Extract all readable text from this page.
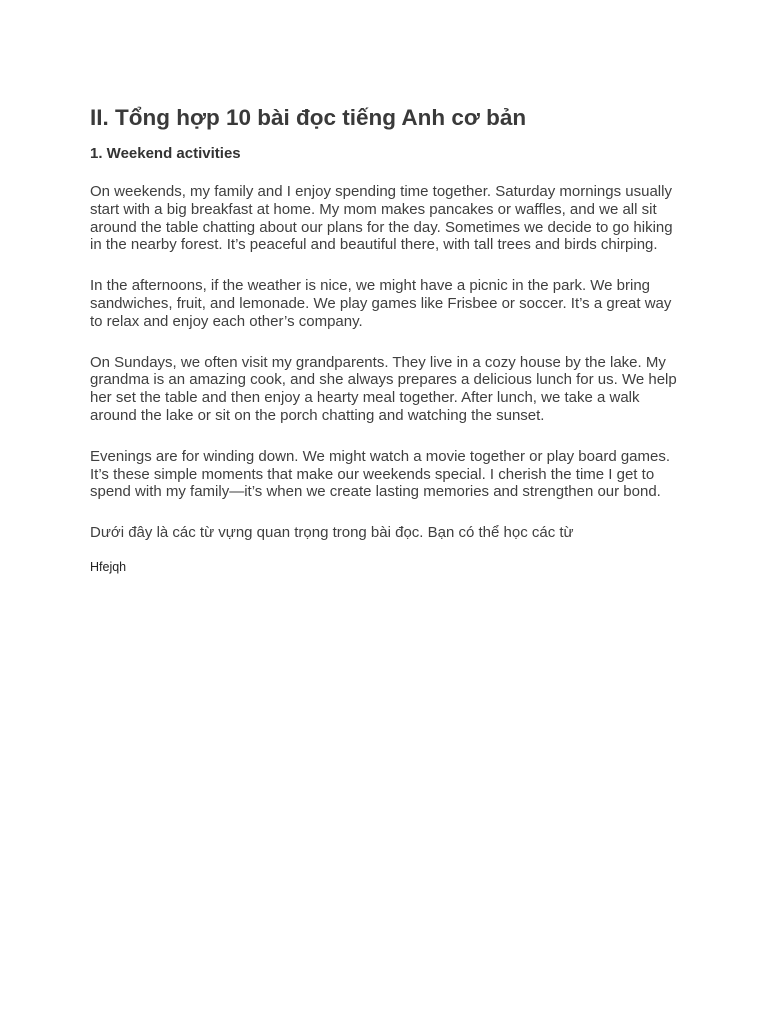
II. Tổng hợp 10 bài đọc tiếng Anh cơ bản
1. Weekend activities

On weekends, my family and I enjoy spending time together. Saturday mornings usually start with a big breakfast at home. My mom makes pancakes or waffles, and we all sit around the table chatting about our plans for the day. Sometimes we decide to go hiking in the nearby forest. It’s peaceful and beautiful there, with tall trees and birds chirping.

In the afternoons, if the weather is nice, we might have a picnic in the park. We bring sandwiches, fruit, and lemonade. We play games like Frisbee or soccer. It’s a great way to relax and enjoy each other’s company.

On Sundays, we often visit my grandparents. They live in a cozy house by the lake. My grandma is an amazing cook, and she always prepares a delicious lunch for us. We help her set the table and then enjoy a hearty meal together. After lunch, we take a walk around the lake or sit on the porch chatting and watching the sunset.

Evenings are for winding down. We might watch a movie together or play board games. It’s these simple moments that make our weekends special. I cherish the time I get to spend with my family—it’s when we create lasting memories and strengthen our bond.

Dưới đây là các từ vựng quan trọng trong bài đọc. Bạn có thể học các từ

Hfejqh
